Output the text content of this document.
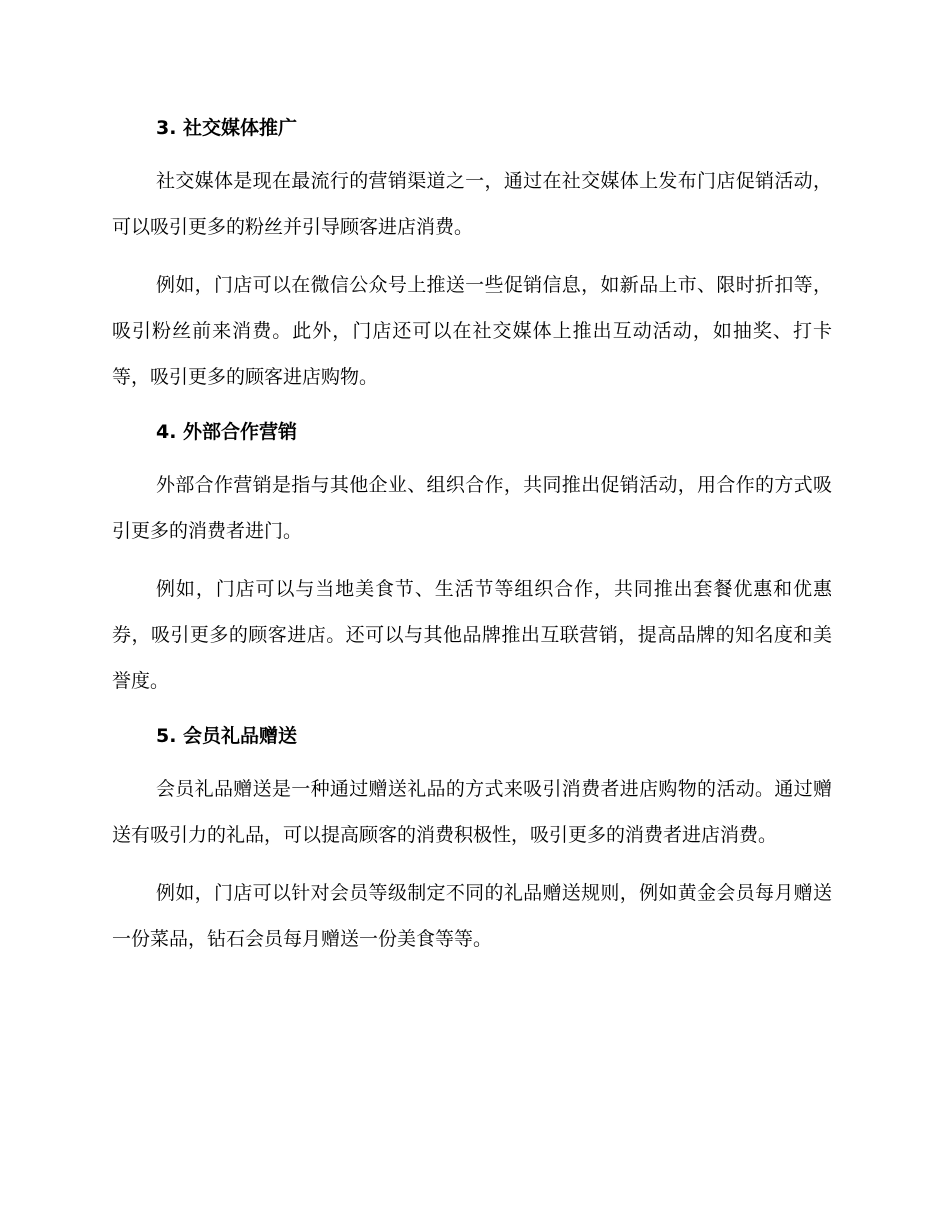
3. 社交媒体推广

社交媒体是现在最流行的营销渠道之一，通过在社交媒体上发布门店促销活动，可以吸引更多的粉丝并引导顾客进店消费。

例如，门店可以在微信公众号上推送一些促销信息，如新品上市、限时折扣等，吸引粉丝前来消费。此外，门店还可以在社交媒体上推出互动活动，如抽奖、打卡等，吸引更多的顾客进店购物。

4. 外部合作营销

外部合作营销是指与其他企业、组织合作，共同推出促销活动，用合作的方式吸引更多的消费者进门。

例如，门店可以与当地美食节、生活节等组织合作，共同推出套餐优惠和优惠券，吸引更多的顾客进店。还可以与其他品牌推出互联营销，提高品牌的知名度和美誉度。

5. 会员礼品赠送

会员礼品赠送是一种通过赠送礼品的方式来吸引消费者进店购物的活动。通过赠送有吸引力的礼品，可以提高顾客的消费积极性，吸引更多的消费者进店消费。

例如，门店可以针对会员等级制定不同的礼品赠送规则，例如黄金会员每月赠送一份菜品，钻石会员每月赠送一份美食等等。
